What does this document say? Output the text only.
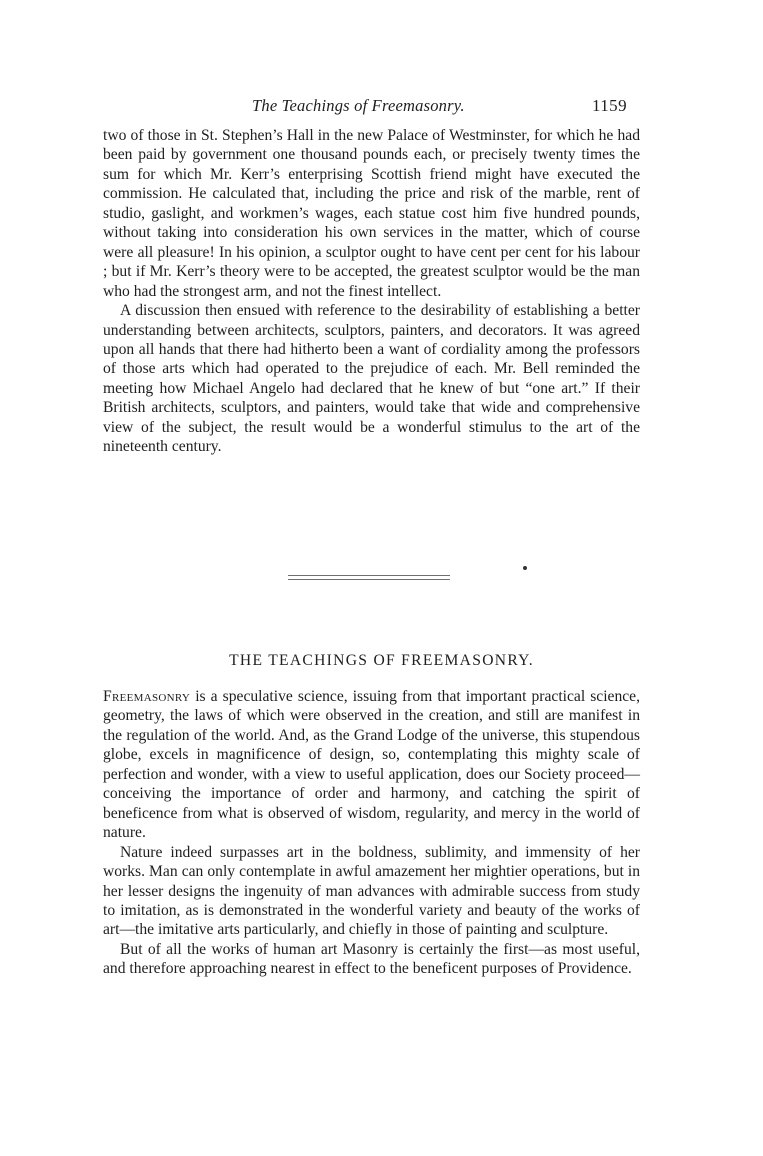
The Teachings of Freemasonry.	1159

two of those in St. Stephen’s Hall in the new Palace of Westminster, for which he had been paid by government one thousand pounds each, or precisely twenty times the sum for which Mr. Kerr’s enterprising Scottish friend might have executed the commission. He calculated that, including the price and risk of the marble, rent of studio, gaslight, and workmen’s wages, each statue cost him five hundred pounds, without taking into consideration his own services in the matter, which of course were all pleasure! In his opinion, a sculptor ought to have cent per cent for his labour ; but if Mr. Kerr’s theory were to be accepted, the greatest sculptor would be the man who had the strongest arm, and not the finest intellect.

A discussion then ensued with reference to the desirability of establishing a better understanding between architects, sculptors, painters, and decorators. It was agreed upon all hands that there had hitherto been a want of cordiality among the professors of those arts which had operated to the prejudice of each. Mr. Bell reminded the meeting how Michael Angelo had declared that he knew of but “one art.” If their British architects, sculptors, and painters, would take that wide and comprehensive view of the subject, the result would be a wonderful stimulus to the art of the nineteenth century.

THE TEACHINGS OF FREEMASONRY.

Freemasonry is a speculative science, issuing from that important practical science, geometry, the laws of which were observed in the creation, and still are manifest in the regulation of the world. And, as the Grand Lodge of the universe, this stupendous globe, excels in magnificence of design, so, contemplating this mighty scale of perfection and wonder, with a view to useful application, does our Society proceed—conceiving the importance of order and harmony, and catching the spirit of beneficence from what is observed of wisdom, regularity, and mercy in the world of nature.

Nature indeed surpasses art in the boldness, sublimity, and immensity of her works. Man can only contemplate in awful amazement her mightier operations, but in her lesser designs the ingenuity of man advances with admirable success from study to imitation, as is demonstrated in the wonderful variety and beauty of the works of art—the imitative arts particularly, and chiefly in those of painting and sculpture.

But of all the works of human art Masonry is certainly the first—as most useful, and therefore approaching nearest in effect to the beneficent purposes of Providence.
